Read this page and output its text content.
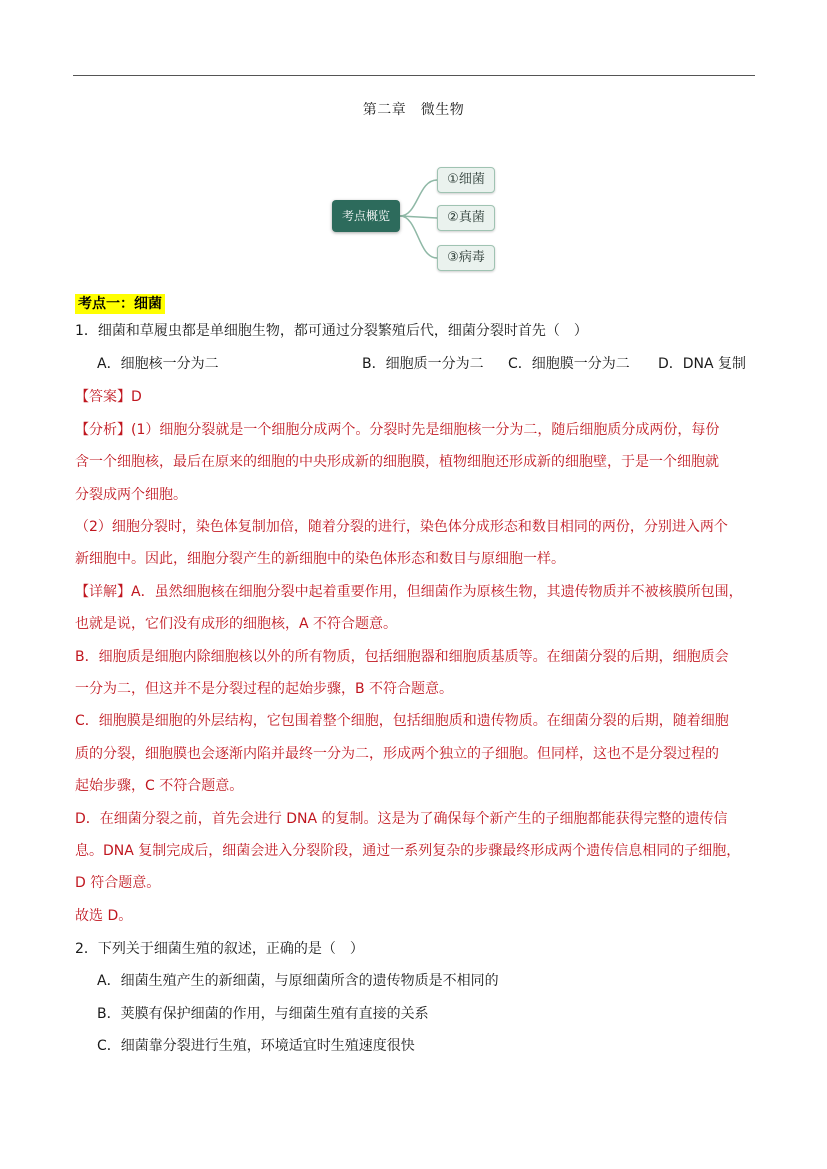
第二章　微生物
考点概览
①细菌
②真菌
③病毒
考点一：细菌
1．细菌和草履虫都是单细胞生物，都可通过分裂繁殖后代，细菌分裂时首先（　）
A．细胞核一分为二	B．细胞质一分为二 C．细胞膜一分为二 D．DNA 复制
【答案】D
【分析】(1）细胞分裂就是一个细胞分成两个。分裂时先是细胞核一分为二，随后细胞质分成两份，每份
含一个细胞核，最后在原来的细胞的中央形成新的细胞膜，植物细胞还形成新的细胞壁，于是一个细胞就
分裂成两个细胞。
（2）细胞分裂时，染色体复制加倍，随着分裂的进行，染色体分成形态和数目相同的两份，分别进入两个
新细胞中。因此，细胞分裂产生的新细胞中的染色体形态和数目与原细胞一样。
【详解】A．虽然细胞核在细胞分裂中起着重要作用，但细菌作为原核生物，其遗传物质并不被核膜所包围，
也就是说，它们没有成形的细胞核，A 不符合题意。
B．细胞质是细胞内除细胞核以外的所有物质，包括细胞器和细胞质基质等。在细菌分裂的后期，细胞质会
一分为二，但这并不是分裂过程的起始步骤，B 不符合题意。
C．细胞膜是细胞的外层结构，它包围着整个细胞，包括细胞质和遗传物质。在细菌分裂的后期，随着细胞
质的分裂，细胞膜也会逐渐内陷并最终一分为二，形成两个独立的子细胞。但同样，这也不是分裂过程的
起始步骤，C 不符合题意。
D．在细菌分裂之前，首先会进行 DNA 的复制。这是为了确保每个新产生的子细胞都能获得完整的遗传信
息。DNA 复制完成后，细菌会进入分裂阶段，通过一系列复杂的步骤最终形成两个遗传信息相同的子细胞，
D 符合题意。
故选 D。
2．下列关于细菌生殖的叙述，正确的是（　）
A．细菌生殖产生的新细菌，与原细菌所含的遗传物质是不相同的
B．荚膜有保护细菌的作用，与细菌生殖有直接的关系
C．细菌靠分裂进行生殖，环境适宜时生殖速度很快
